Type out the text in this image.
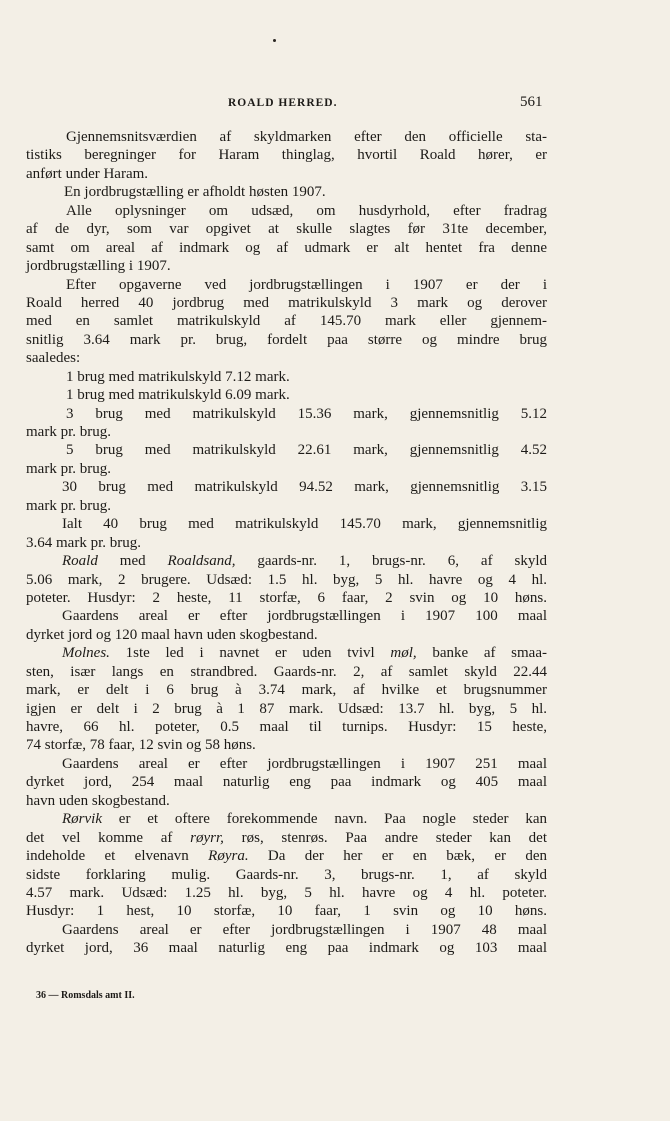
ROALD HERRED.	561
Gjennemsnitsværdien af skyldmarken efter den officielle sta-
tistiks beregninger for Haram thinglag, hvortil Roald hører, er
anført under Haram.
En jordbrugstælling er afholdt høsten 1907.
Alle oplysninger om udsæd, om husdyrhold, efter fradrag
af de dyr, som var opgivet at skulle slagtes før 31te december,
samt om areal af indmark og af udmark er alt hentet fra denne
jordbrugstælling i 1907.
Efter opgaverne ved jordbrugstællingen i 1907 er der i
Roald herred 40 jordbrug med matrikulskyld 3 mark og derover
med en samlet matrikulskyld af 145.70 mark eller gjennem-
snitlig 3.64 mark pr. brug, fordelt paa større og mindre brug
saaledes:
1 brug med matrikulskyld 7.12 mark.
1 brug med matrikulskyld 6.09 mark.
3 brug med matrikulskyld 15.36 mark, gjennemsnitlig 5.12
mark pr. brug.
5 brug med matrikulskyld 22.61 mark, gjennemsnitlig 4.52
mark pr. brug.
30 brug med matrikulskyld 94.52 mark, gjennemsnitlig 3.15
mark pr. brug.
Ialt 40 brug med matrikulskyld 145.70 mark, gjennemsnitlig
3.64 mark pr. brug.
Roald med Roaldsand, gaards-nr. 1, brugs-nr. 6, af skyld
5.06 mark, 2 brugere. Udsæd: 1.5 hl. byg, 5 hl. havre og 4 hl.
poteter. Husdyr: 2 heste, 11 storfæ, 6 faar, 2 svin og 10 høns.
Gaardens areal er efter jordbrugstællingen i 1907 100 maal
dyrket jord og 120 maal havn uden skogbestand.
Molnes. 1ste led i navnet er uden tvivl møl, banke af smaa-
sten, især langs en strandbred. Gaards-nr. 2, af samlet skyld 22.44
mark, er delt i 6 brug à 3.74 mark, af hvilke et brugsnummer
igjen er delt i 2 brug à 1 87 mark. Udsæd: 13.7 hl. byg, 5 hl.
havre, 66 hl. poteter, 0.5 maal til turnips. Husdyr: 15 heste,
74 storfæ, 78 faar, 12 svin og 58 høns.
Gaardens areal er efter jordbrugstællingen i 1907 251 maal
dyrket jord, 254 maal naturlig eng paa indmark og 405 maal
havn uden skogbestand.
Rørvik er et oftere forekommende navn. Paa nogle steder kan
det vel komme af røyrr, røs, stenrøs. Paa andre steder kan det
indeholde et elvenavn Røyra. Da der her er en bæk, er den
sidste forklaring mulig. Gaards-nr. 3, brugs-nr. 1, af skyld
4.57 mark. Udsæd: 1.25 hl. byg, 5 hl. havre og 4 hl. poteter.
Husdyr: 1 hest, 10 storfæ, 10 faar, 1 svin og 10 høns.
Gaardens areal er efter jordbrugstællingen i 1907 48 maal
dyrket jord, 36 maal naturlig eng paa indmark og 103 maal
36 — Romsdals amt II.
